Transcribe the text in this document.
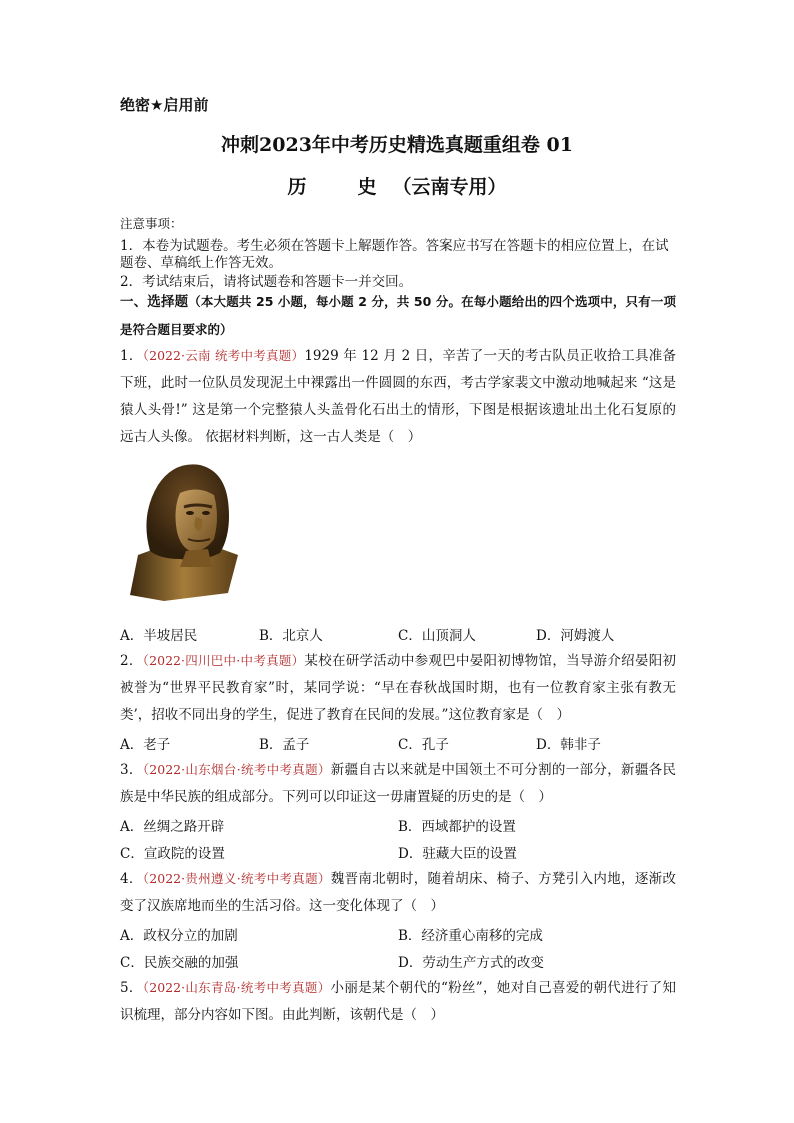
绝密★启用前
冲刺2023年中考历史精选真题重组卷 01
历　史（云南专用）
注意事项：
1．本卷为试题卷。考生必须在答题卡上解题作答。答案应书写在答题卡的相应位置上，在试题卷、草稿纸上作答无效。
2．考试结束后，请将试题卷和答题卡一并交回。
一、选择题（本大题共 25 小题，每小题 2 分，共 50 分。在每小题给出的四个选项中，只有一项是符合题目要求的）
1．（2022·云南 统考中考真题）1929 年 12 月 2 日，辛苦了一天的考古队员正收拾工具准备下班，此时一位队员发现泥土中裸露出一件圆圆的东西，考古学家裴文中激动地喊起来 “这是猿人头骨!” 这是第一个完整猿人头盖骨化石出土的情形，下图是根据该遗址出土化石复原的远古人头像。 依据材料判断，这一古人类是（　）
A．半坡居民	B．北京人	C．山顶洞人	D．河姆渡人
2．（2022·四川巴中·中考真题）某校在研学活动中参观巴中晏阳初博物馆，当导游介绍晏阳初被誉为“世界平民教育家”时，某同学说：“早在春秋战国时期，也有一位教育家主张有教无类’，招收不同出身的学生，促进了教育在民间的发展。”这位教育家是（　）
A．老子	B．孟子	C．孔子	D．韩非子
3．（2022·山东烟台·统考中考真题）新疆自古以来就是中国领土不可分割的一部分，新疆各民族是中华民族的组成部分。下列可以印证这一毋庸置疑的历史的是（　）
A．丝绸之路开辟	B．西域都护的设置
C．宣政院的设置	D．驻藏大臣的设置
4．（2022·贵州遵义·统考中考真题）魏晋南北朝时，随着胡床、椅子、方凳引入内地，逐渐改变了汉族席地而坐的生活习俗。这一变化体现了（　）
A．政权分立的加剧	B．经济重心南移的完成
C．民族交融的加强	D．劳动生产方式的改变
5．（2022·山东青岛·统考中考真题）小丽是某个朝代的“粉丝”，她对自己喜爱的朝代进行了知识梳理，部分内容如下图。由此判断，该朝代是（　）
